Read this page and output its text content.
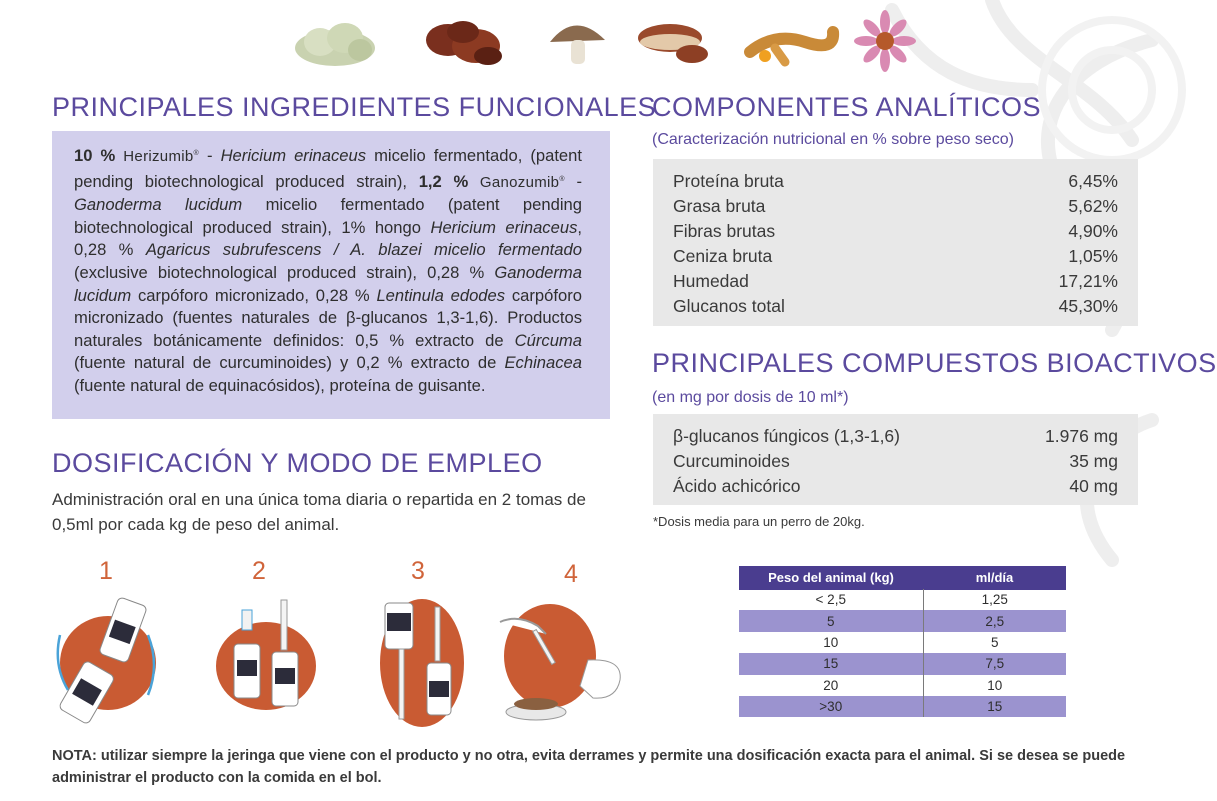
PRINCIPALES INGREDIENTES FUNCIONALES
10 % Herizumib® - Hericium erinaceus micelio fermentado, (patent pending biotechnological produced strain), 1,2 % Ganozumib® - Ganoderma lucidum micelio fermentado (patent pending biotechnological produced strain), 1% hongo Hericium erinaceus, 0,28 % Agaricus subrufescens / A. blazei micelio fermentado (exclusive biotechnological produced strain), 0,28 % Ganoderma lucidum carpóforo micronizado, 0,28 % Lentinula edodes carpóforo micronizado (fuentes naturales de β-glucanos 1,3-1,6). Productos naturales botánicamente definidos: 0,5 % extracto de Cúrcuma (fuente natural de curcuminoides) y 0,2 % extracto de Echinacea (fuente natural de equinacósidos), proteína de guisante.
DOSIFICACIÓN Y MODO DE EMPLEO

Administración oral en una única toma diaria o repartida en 2 tomas de 0,5ml por cada kg de peso del animal.

1	2	3	4
COMPONENTES ANALÍTICOS

(Caracterización nutricional en % sobre peso seco)

Proteína bruta	6,45%
Grasa bruta	5,62%
Fibras brutas	4,90%
Ceniza bruta	1,05%
Humedad	17,21%
Glucanos total	45,30%
PRINCIPALES COMPUESTOS BIOACTIVOS

(en mg por dosis de 10 ml*)

β-glucanos fúngicos (1,3-1,6)	1.976 mg
Curcuminoides	35 mg
Ácido achicórico	40 mg

*Dosis media para un perro de 20kg.

Peso del animal (kg)	ml/día
< 2,5	1,25
5	2,5
10	5
15	7,5
20	10
>30	15

NOTA: utilizar siempre la jeringa que viene con el producto y no otra, evita derrames y permite una dosificación exacta para el animal. Si se desea se puede administrar el producto con la comida en el bol.
